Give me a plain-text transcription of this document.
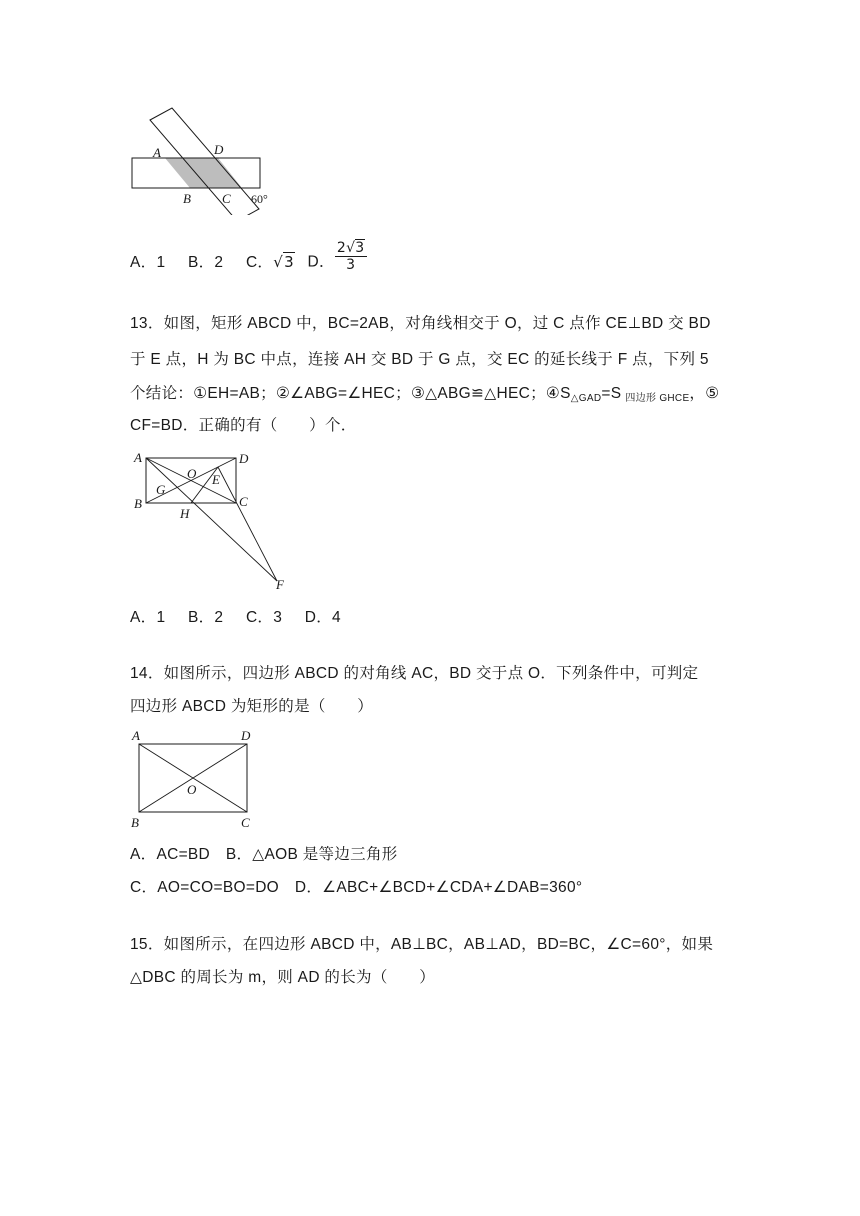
A	D
B C 60°
A．1 B．2 C．√3 D． $\frac{2√3}{3}$
13．如图，矩形 ABCD 中，BC=2AB，对角线相交于 O，过 C 点作 CE⊥BD 交 BD
于 E 点，H 为 BC 中点，连接 AH 交 BD 于 G 点，交 EC 的延长线于 F 点，下列 5
个结论：①EH=AB；②∠ABG=∠HEC；③△ABG≌△HEC；$④S_{\triangle GAD}=S$ $_{四边形 GHCE}$，⑤
CF=BD．正确的有（　　）个．
A	D
O
G
E
B
H
C
F
A．1 B．2 C．3 D．4
14．如图所示，四边形 ABCD 的对角线 AC，BD 交于点 O．下列条件中，可判定
四边形 ABCD 为矩形的是（　　）
A	D
O
B	C
A．AC=BD　B．△AOB 是等边三角形
C．AO=CO=BO=DO　D．∠ABC+∠BCD+∠CDA+∠DAB=360°
15．如图所示，在四边形 ABCD 中，AB⊥BC，AB⊥AD，BD=BC，∠C=60°，如果
△DBC 的周长为 m，则 AD 的长为（　　）
